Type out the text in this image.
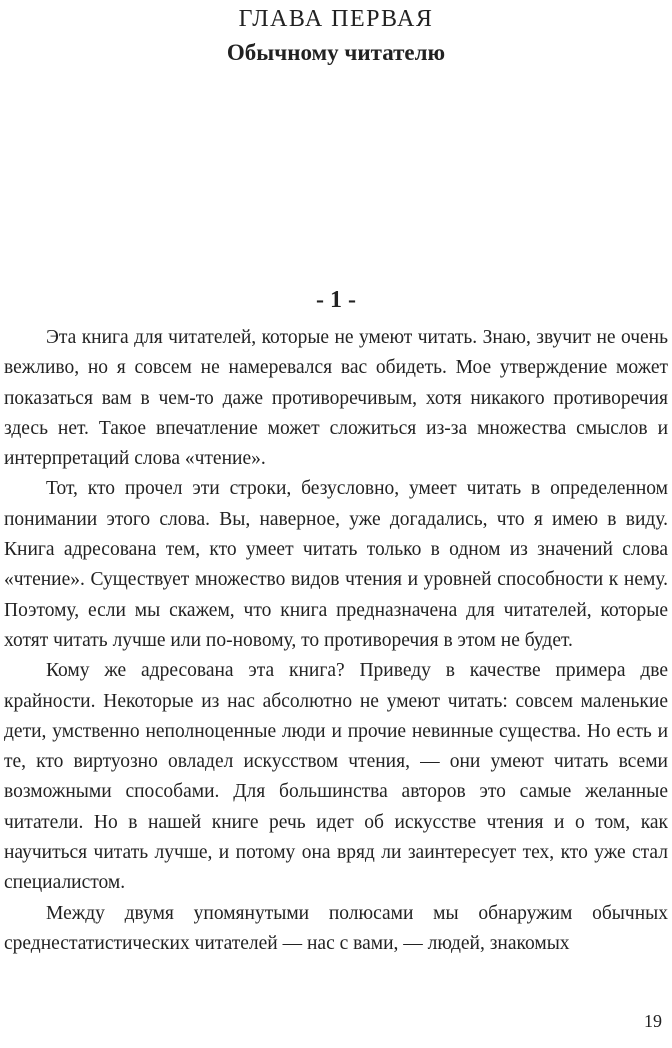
ГЛАВА ПЕРВАЯ
Обычному читателю
- 1 -

Эта книга для читателей, которые не умеют читать. Знаю, звучит не очень вежливо, но я совсем не намеревался вас обидеть. Мое утверждение может показаться вам в чем-то даже противоречивым, хотя никакого противоречия здесь нет. Такое впечатление может сложиться из-за множества смыслов и интерпретаций слова «чтение».

Тот, кто прочел эти строки, безусловно, умеет читать в определенном понимании этого слова. Вы, наверное, уже догадались, что я имею в виду. Книга адресована тем, кто умеет читать только в одном из значений слова «чтение». Существует множество видов чтения и уровней способности к нему. Поэтому, если мы скажем, что книга предназначена для читателей, которые хотят читать лучше или по-новому, то противоречия в этом не будет.

Кому же адресована эта книга? Приведу в качестве примера две крайности. Некоторые из нас абсолютно не умеют читать: совсем маленькие дети, умственно неполноценные люди и прочие невинные существа. Но есть и те, кто виртуозно овладел искусством чтения, — они умеют читать всеми возможными способами. Для большинства авторов это самые желанные читатели. Но в нашей книге речь идет об искусстве чтения и о том, как научиться читать лучше, и потому она вряд ли заинтересует тех, кто уже стал специалистом.

Между двумя упомянутыми полюсами мы обнаружим обычных среднестатистических читателей — нас с вами, — людей, знакомых

19
